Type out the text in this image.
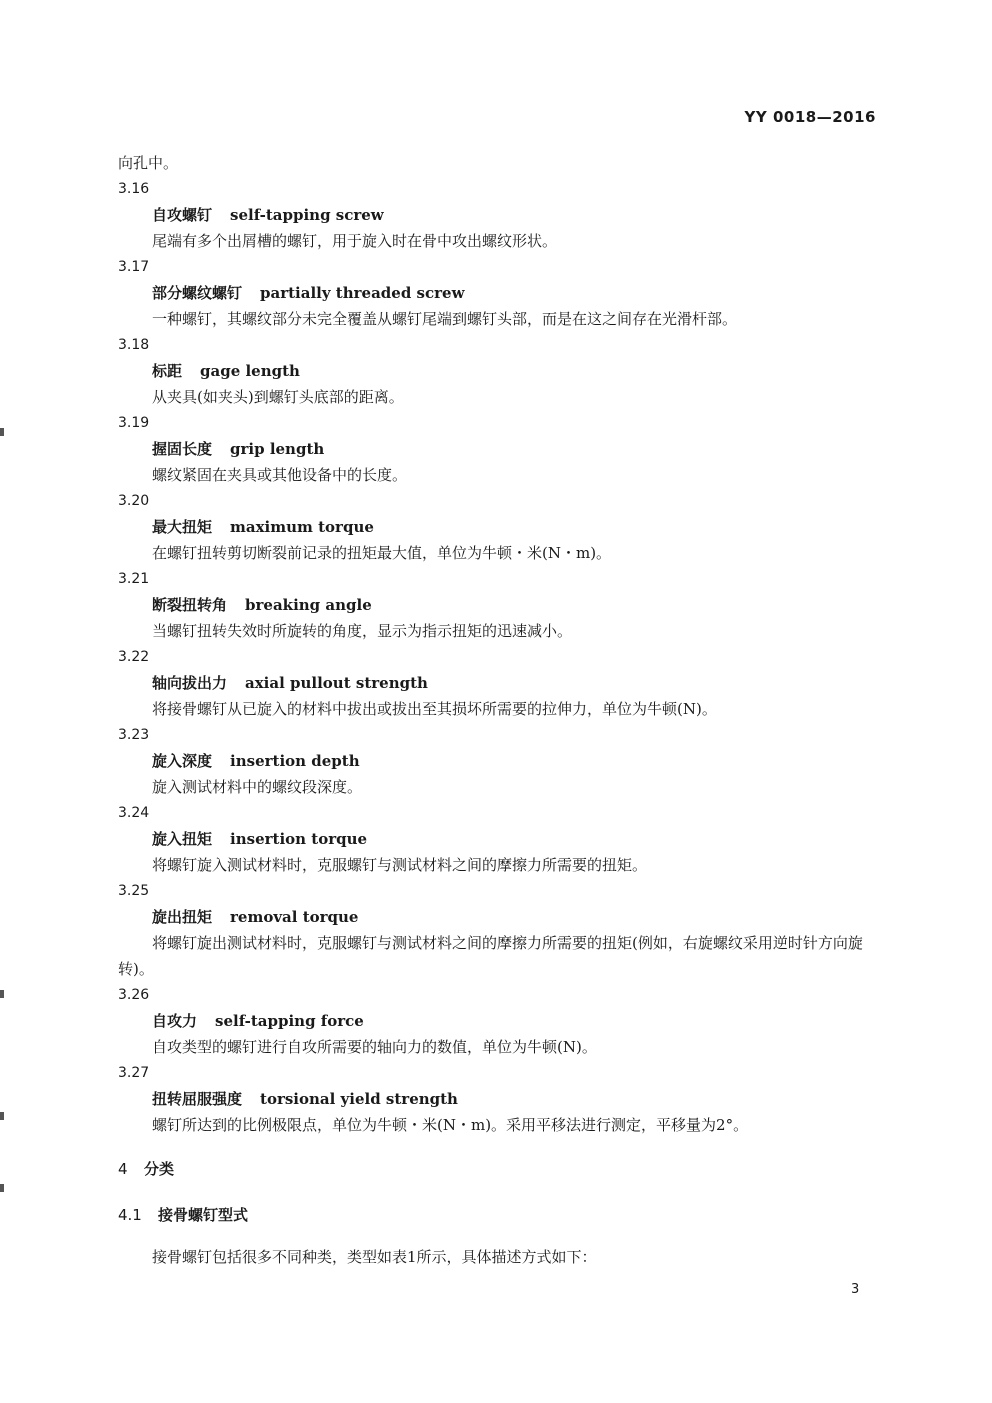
YY 0018—2016
向孔中。
3.16
自攻螺钉 self-tapping screw
尾端有多个出屑槽的螺钉，用于旋入时在骨中攻出螺纹形状。
3.17
部分螺纹螺钉 partially threaded screw
一种螺钉，其螺纹部分未完全覆盖从螺钉尾端到螺钉头部，而是在这之间存在光滑杆部。
3.18
标距 gage length
从夹具(如夹头)到螺钉头底部的距离。
3.19
握固长度 grip length
螺纹紧固在夹具或其他设备中的长度。
3.20
最大扭矩 maximum torque
在螺钉扭转剪切断裂前记录的扭矩最大值，单位为牛顿・米(N・m)。
3.21
断裂扭转角 breaking angle
当螺钉扭转失效时所旋转的角度，显示为指示扭矩的迅速减小。
3.22
轴向拔出力 axial pullout strength
将接骨螺钉从已旋入的材料中拔出或拔出至其损坏所需要的拉伸力，单位为牛顿(N)。
3.23
旋入深度 insertion depth
旋入测试材料中的螺纹段深度。
3.24
旋入扭矩 insertion torque
将螺钉旋入测试材料时，克服螺钉与测试材料之间的摩擦力所需要的扭矩。
3.25
旋出扭矩 removal torque
将螺钉旋出测试材料时，克服螺钉与测试材料之间的摩擦力所需要的扭矩(例如，右旋螺纹采用逆时针方向旋转)。
3.26
自攻力 self-tapping force
自攻类型的螺钉进行自攻所需要的轴向力的数值，单位为牛顿(N)。
3.27
扭转屈服强度 torsional yield strength
螺钉所达到的比例极限点，单位为牛顿・米(N・m)。采用平移法进行测定，平移量为2°。
4 分类
4.1 接骨螺钉型式
接骨螺钉包括很多不同种类，类型如表1所示，具体描述方式如下：
3
